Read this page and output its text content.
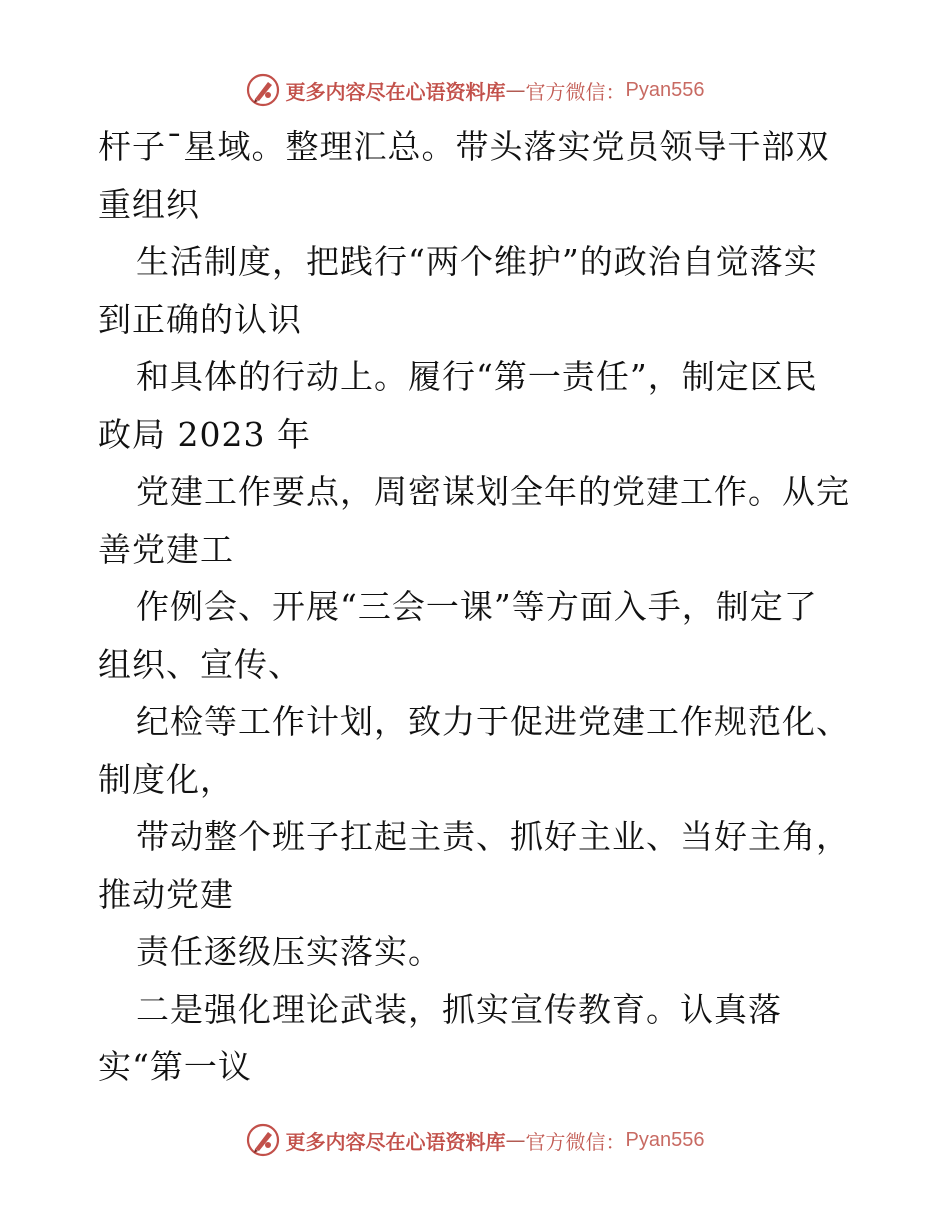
更多内容尽在心语资料库 — 官方微信： Pyan556
杆子¯星域。整理汇总。带头落实党员领导干部双
重组织
生活制度，把践行“两个维护”的政治自觉落实
到正确的认识
和具体的行动上。履行“第一责任”，制定区民
政局 2023 年
党建工作要点，周密谋划全年的党建工作。从完
善党建工
作例会、开展“三会一课”等方面入手，制定了
组织、宣传、
纪检等工作计划，致力于促进党建工作规范化、
制度化，
带动整个班子扛起主责、抓好主业、当好主角，
推动党建
责任逐级压实落实。
二是强化理论武装，抓实宣传教育。认真落
实“第一议
更多内容尽在心语资料库 — 官方微信： Pyan556
